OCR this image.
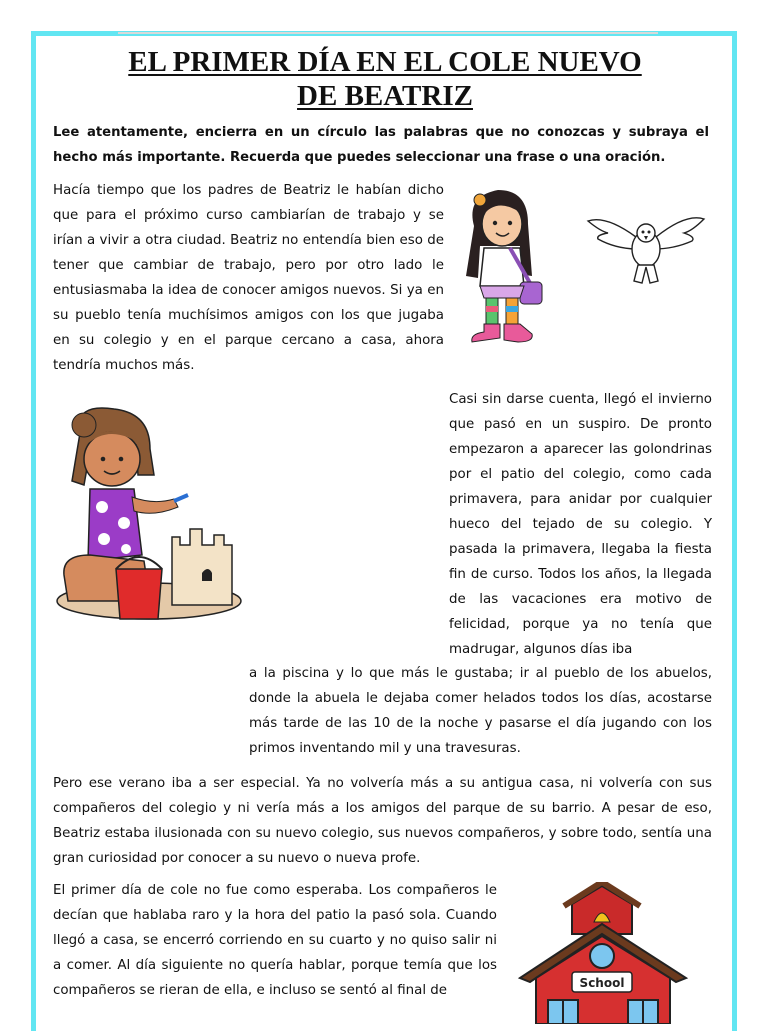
EL PRIMER DÍA EN EL COLE NUEVO
DE BEATRIZ

Lee atentamente, encierra en un círculo las palabras que no conozcas y subraya el hecho más importante. Recuerda que puedes seleccionar una frase o una oración.

Hacía tiempo que los padres de Beatriz le habían dicho que para el próximo curso cambiarían de trabajo y se irían a vivir a otra ciudad. Beatriz no entendía bien eso de tener que cambiar de trabajo, pero por otro lado le entusiasmaba la idea de conocer amigos nuevos. Si ya en su pueblo tenía muchísimos amigos con los que jugaba en su colegio y en el parque cercano a casa, ahora tendría muchos más.

Casi sin darse cuenta, llegó el invierno que pasó en un suspiro. De pronto empezaron a aparecer las golondrinas por el patio del colegio, como cada primavera, para anidar por cualquier hueco del tejado de su colegio. Y pasada la primavera, llegaba la fiesta fin de curso. Todos los años, la llegada de las vacaciones era motivo de felicidad, porque ya no tenía que madrugar, algunos días iba

a la piscina y lo que más le gustaba; ir al pueblo de los abuelos, donde la abuela le dejaba comer helados todos los días, acostarse más tarde de las 10 de la noche y pasarse el día jugando con los primos inventando mil y una travesuras.

Pero ese verano iba a ser especial. Ya no volvería más a su antigua casa, ni volvería con sus compañeros del colegio y ni vería más a los amigos del parque de su barrio. A pesar de eso, Beatriz estaba ilusionada con su nuevo colegio, sus nuevos compañeros, y sobre todo, sentía una gran curiosidad por conocer a su nuevo o nueva profe.

El primer día de cole no fue como esperaba. Los compañeros le decían que hablaba raro y la hora del patio la pasó sola. Cuando llegó a casa, se encerró corriendo en su cuarto y no quiso salir ni a comer. Al día siguiente no quería hablar, porque temía que los compañeros se rieran de ella, e incluso se sentó al final de	School
